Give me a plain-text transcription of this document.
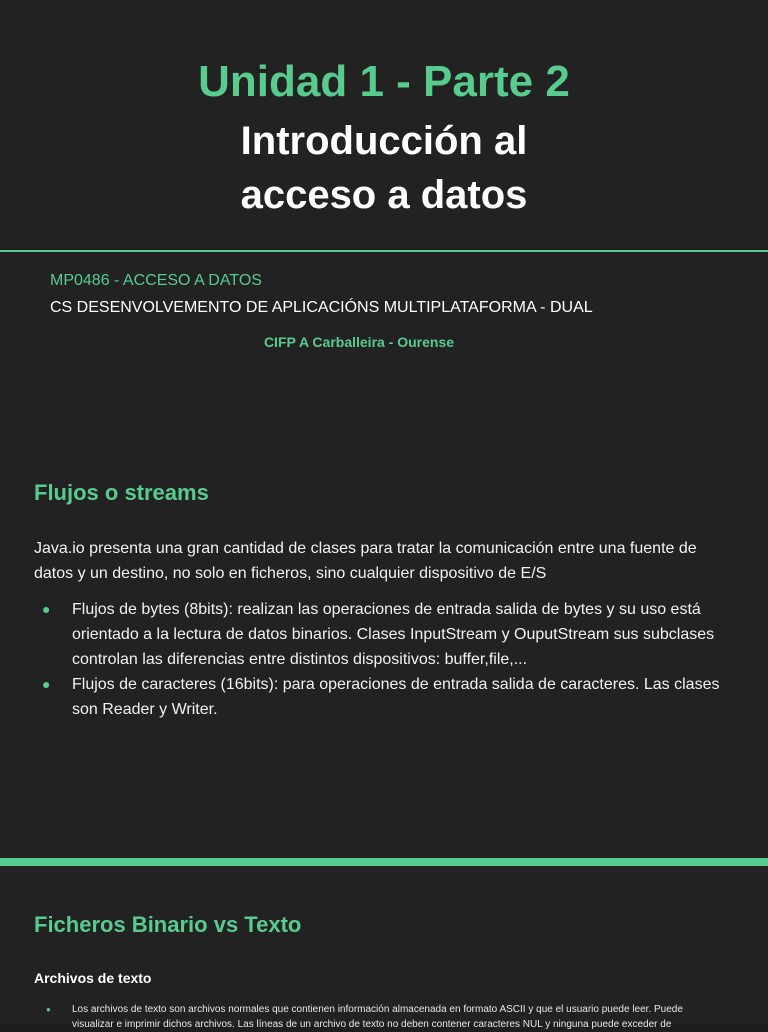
Unidad 1 - Parte 2
Introducción al
acceso a datos
MP0486 - ACCESO A DATOS
CS DESENVOLVEMENTO DE APLICACIÓNS MULTIPLATAFORMA - DUAL
CIFP A Carballeira - Ourense
Flujos o streams
Java.io presenta una gran cantidad de clases para tratar la comunicación entre una fuente de datos y un destino, no solo en ficheros, sino cualquier dispositivo de E/S
● Flujos de bytes (8bits): realizan las operaciones de entrada salida de bytes y su uso está orientado a la lectura de datos binarios. Clases InputStream y OuputStream sus subclases controlan las diferencias entre distintos dispositivos: buffer,file,...
● Flujos de caracteres (16bits): para operaciones de entrada salida de caracteres. Las clases son Reader y Writer.
Ficheros Binario vs Texto
Archivos de texto
● Los archivos de texto son archivos normales que contienen información almacenada en formato ASCII y que el usuario puede leer. Puede visualizar e imprimir dichos archivos. Las líneas de un archivo de texto no deben contener caracteres NUL y ninguna puede exceder de
